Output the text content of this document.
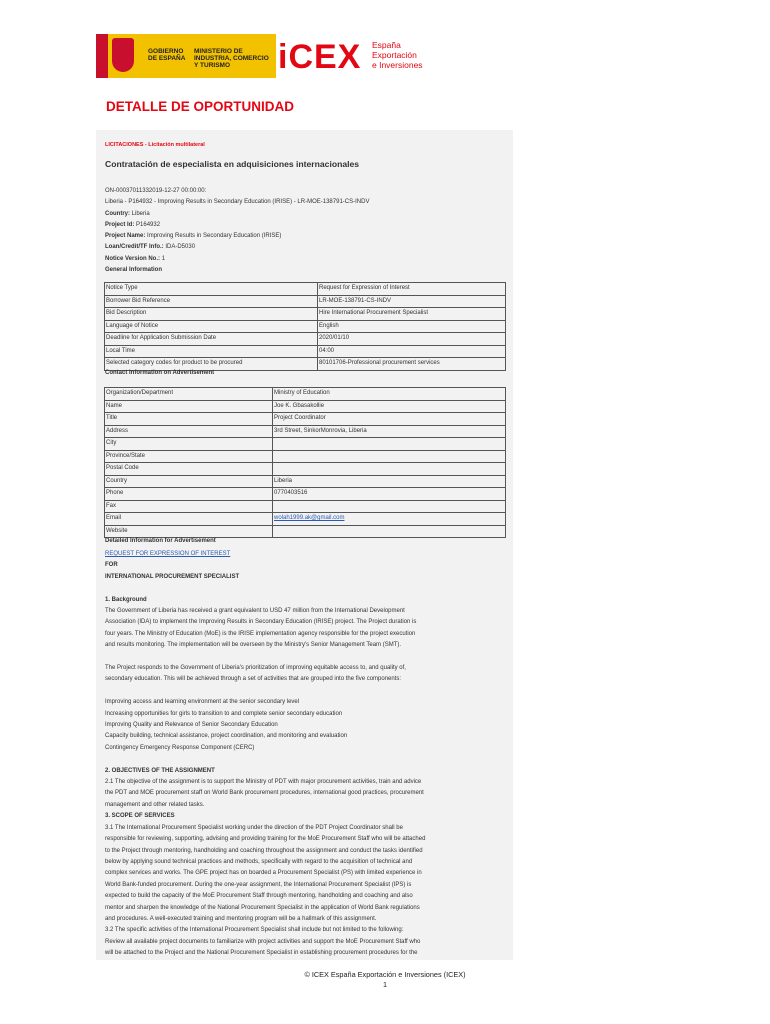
GOBIERNO DE ESPAÑA
MINISTERIO DE INDUSTRIA, COMERCIO Y TURISMO	iCEX España
Exportación
e Inversiones
DETALLE DE OPORTUNIDAD
LICITACIONES - Licitación multilateral
Contratación de especialista en adquisiciones internacionales
ON-00037011332019-12-27 00:00:00:
Liberia - P164932 - Improving Results in Secondary Education (IRISE) - LR-MOE-138791-CS-INDV
Country: Liberia
Project Id: P164932
Project Name: Improving Results in Secondary Education (IRISE)
Loan/Credit/TF Info.: IDA-D5030
Notice Version No.: 1
General Information
Notice Type	Request for Expression of Interest
Borrower Bid Reference	LR-MOE-138791-CS-INDV
Bid Description	Hire International Procurement Specialist
Language of Notice	English
Deadline for Application Submission Date	2020/01/10
Local Time	04:00
Selected category codes for product to be procured	80101706-Professional procurement services
Contact Information on Advertisement
Organization/Department	Ministry of Education
Name	Joe K. Gbasakollie
Title	Project Coordinator
Address	3rd Street, SinkorMonrovia, Liberia
City	
Province/State	
Postal Code	
Country	Liberia
Phone	0770403516
Fax	
Email	wolah1999.ak@gmail.com
Website	
Detailed Information for Advertisement

REQUEST FOR EXPRESSION OF INTEREST

FOR

INTERNATIONAL PROCUREMENT SPECIALIST

1. Background

The Government of Liberia has received a grant equivalent to USD 47 million from the International Development

Association (IDA) to implement the Improving Results in Secondary Education (IRISE) project. The Project duration is

four years. The Ministry of Education (MoE) is the IRISE implementation agency responsible for the project execution

and results monitoring. The implementation will be overseen by the Ministry's Senior Management Team (SMT).

The Project responds to the Government of Liberia's prioritization of improving equitable access to, and quality of,

secondary education. This will be achieved through a set of activities that are grouped into the five components:

Improving access and learning environment at the senior secondary level

Increasing opportunities for girls to transition to and complete senior secondary education

Improving Quality and Relevance of Senior Secondary Education

Capacity building, technical assistance, project coordination, and monitoring and evaluation

Contingency Emergency Response Component (CERC)

2. OBJECTIVES OF THE ASSIGNMENT

2.1 The objective of the assignment is to support the Ministry of PDT with major procurement activities, train and advice

the PDT and MOE procurement staff on World Bank procurement procedures, international good practices, procurement

management and other related tasks.

3. SCOPE OF SERVICES

3.1 The International Procurement Specialist working under the direction of the PDT Project Coordinator shall be

responsible for reviewing, supporting, advising and providing training for the MoE Procurement Staff who will be attached

to the Project through mentoring, handholding and coaching throughout the assignment and conduct the tasks identified

below by applying sound technical practices and methods, specifically with regard to the acquisition of technical and

complex services and works. The GPE project has on boarded a Procurement Specialist (PS) with limited experience in

World Bank-funded procurement. During the one-year assignment, the International Procurement Specialist (IPS) is

expected to build the capacity of the MoE Procurement Staff through mentoring, handholding and coaching and also

mentor and sharpen the knowledge of the National Procurement Specialist in the application of World Bank regulations

and procedures. A well-executed training and mentoring program will be a hallmark of this assignment.

3.2 The specific activities of the International Procurement Specialist shall include but not limited to the following:

Review all available project documents to familiarize with project activities and support the MoE Procurement Staff who

will be attached to the Project and the National Procurement Specialist in establishing procurement procedures for the

© ICEX España Exportación e Inversiones (ICEX)
1
